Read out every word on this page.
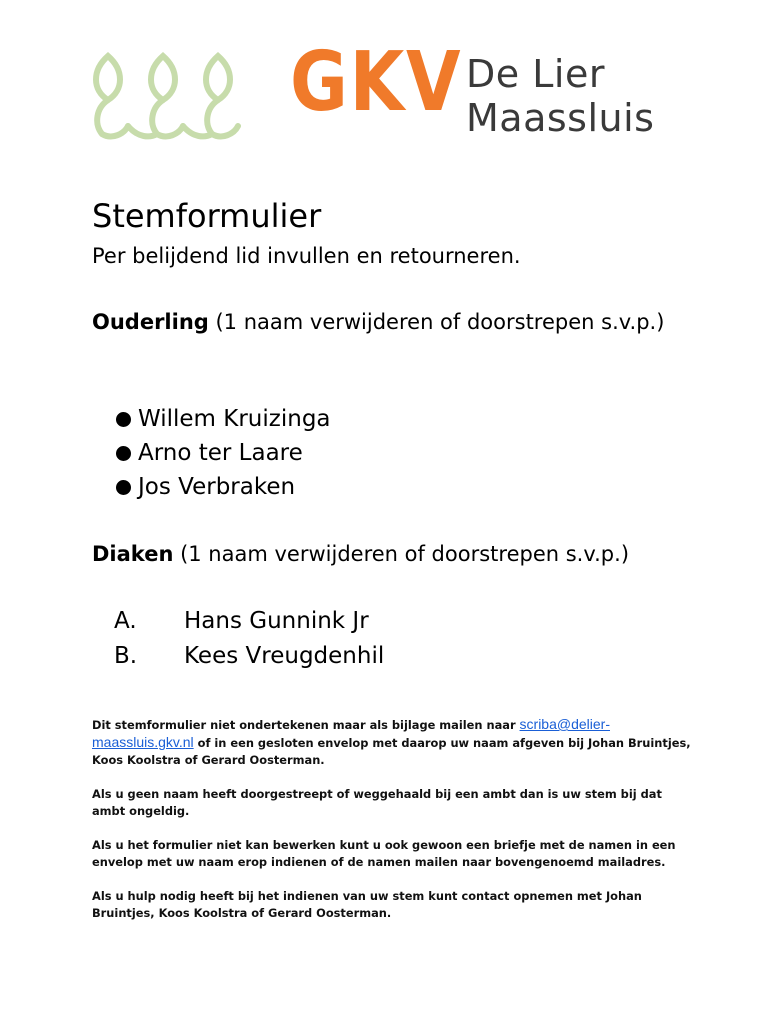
GKV De Lier
Maassluis
Stemformulier
Per belijdend lid invullen en retourneren.
Ouderling (1 naam verwijderen of doorstrepen s.v.p.)
Willem Kruizinga
Arno ter Laare
Jos Verbraken
Diaken (1 naam verwijderen of doorstrepen s.v.p.)
A.	Hans Gunnink Jr
B.	Kees Vreugdenhil

Dit stemformulier niet ondertekenen maar als bijlage mailen naar scriba@delier-maassluis.gkv.nl of in een gesloten envelop met daarop uw naam afgeven bij Johan Bruintjes, Koos Koolstra of Gerard Oosterman.

Als u geen naam heeft doorgestreept of weggehaald bij een ambt dan is uw stem bij dat ambt ongeldig.

Als u het formulier niet kan bewerken kunt u ook gewoon een briefje met de namen in een envelop met uw naam erop indienen of de namen mailen naar bovengenoemd mailadres.

Als u hulp nodig heeft bij het indienen van uw stem kunt contact opnemen met Johan Bruintjes, Koos Koolstra of Gerard Oosterman.
